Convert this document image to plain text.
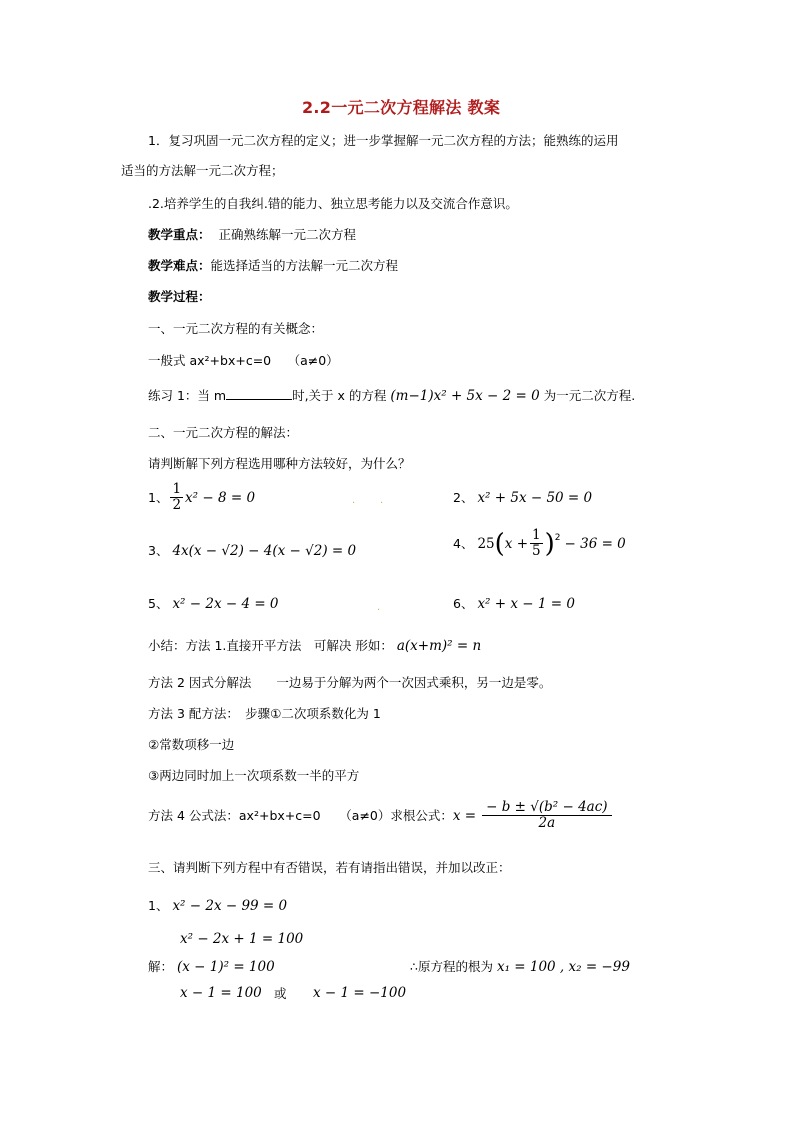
2.2一元二次方程解法 教案
1．复习巩固一元二次方程的定义；进一步掌握解一元二次方程的方法；能熟练的运用
适当的方法解一元二次方程；
.2.培养学生的自我纠.错的能力、独立思考能力以及交流合作意识。
教学重点： 正确熟练解一元二次方程
教学难点：能选择适当的方法解一元二次方程
教学过程：
一、一元二次方程的有关概念：
一般式 ax²+bx+c=0　 （a≠0）
练习 1：当 m	时,关于 x 的方程 (m−1)x² + 5x − 2 = 0 为一元二次方程.
二、一元二次方程的解法：
请判断解下列方程选用哪种方法较好，为什么？
1、 $\frac{1}{2} x^2 - 8 = 0$	. .	2、 x² + 5x − 50 = 0
3、 4x(x − √2) − 4(x − √2) = 0	4、 25 ( $x + \frac{1}{5} )^2 - 36 = 0$
5、 x² − 2x − 4 = 0	.	6、 x² + x − 1 = 0
小结：方法 1.直接开平方法　可解决 形如： a(x+m)² = n
方法 2 因式分解法　　一边易于分解为两个一次因式乘积，另一边是零。
方法 3 配方法：　步骤①二次项系数化为 1
②常数项移一边
③两边同时加上一次项系数一半的平方
方法 4 公式法：ax²+bx+c=0　　（a≠0）求根公式： $x = \frac{\text{− b ± √(b² − 4ac)}}{2a}$
三、请判断下列方程中有否错误，若有请指出错误，并加以改正：
1、 x² − 2x − 99 = 0
x² − 2x + 1 = 100
解： (x − 1)² = 100	∴原方程的根为 x₁ = 100 , x₂ = −99
x − 1 = 100 或 x − 1 = −100
